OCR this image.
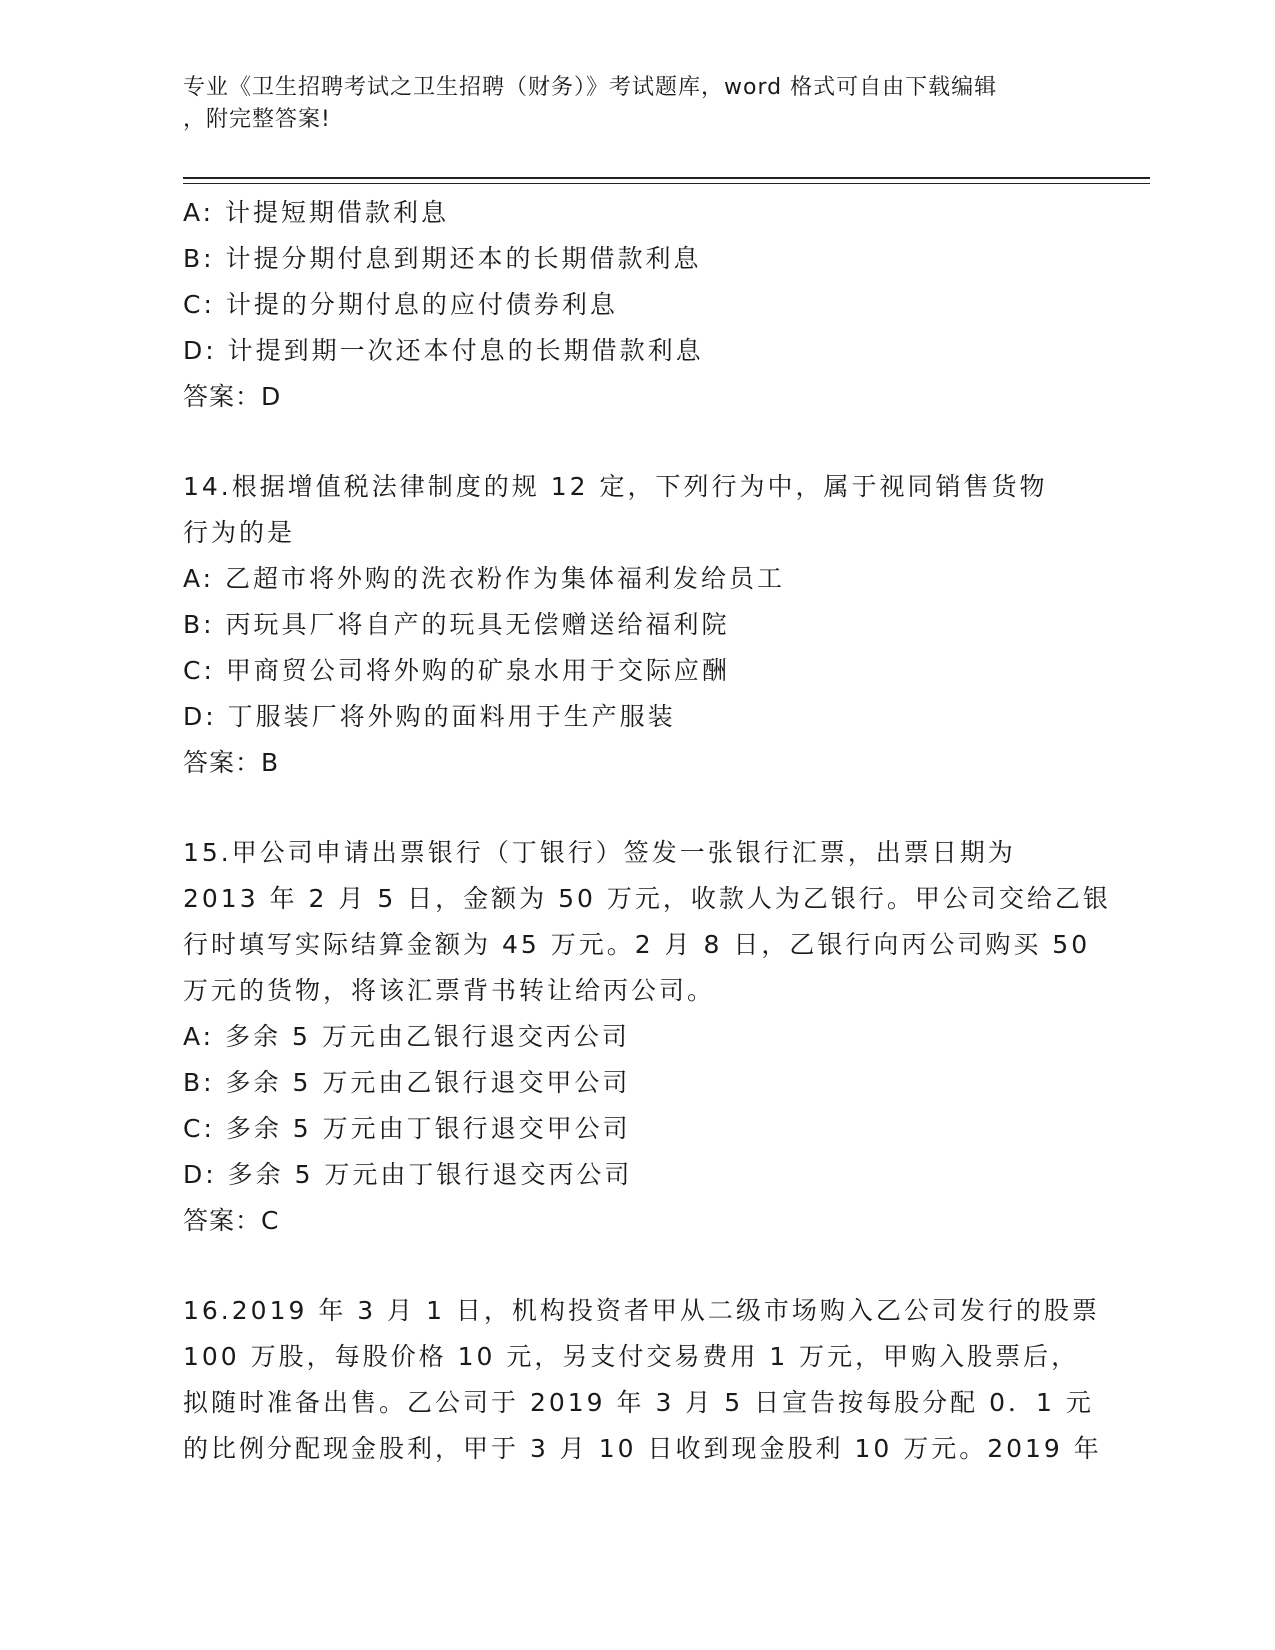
专业《卫生招聘考试之卫生招聘（财务）》考试题库，word 格式可自由下载编辑
，附完整答案!
A: 计提短期借款利息
B: 计提分期付息到期还本的长期借款利息
C: 计提的分期付息的应付债券利息
D: 计提到期一次还本付息的长期借款利息
答案：D
14.根据增值税法律制度的规 12 定，下列行为中，属于视同销售货物
行为的是
A: 乙超市将外购的洗衣粉作为集体福利发给员工
B: 丙玩具厂将自产的玩具无偿赠送给福利院
C: 甲商贸公司将外购的矿泉水用于交际应酬
D: 丁服装厂将外购的面料用于生产服装
答案：B
15.甲公司申请出票银行（丁银行）签发一张银行汇票，出票日期为
2013 年 2 月 5 日，金额为 50 万元，收款人为乙银行。甲公司交给乙银
行时填写实际结算金额为 45 万元。2 月 8 日，乙银行向丙公司购买 50
万元的货物，将该汇票背书转让给丙公司。
A: 多余 5 万元由乙银行退交丙公司
B: 多余 5 万元由乙银行退交甲公司
C: 多余 5 万元由丁银行退交甲公司
D: 多余 5 万元由丁银行退交丙公司
答案：C
16.2019 年 3 月 1 日，机构投资者甲从二级市场购入乙公司发行的股票
100 万股，每股价格 10 元，另支付交易费用 1 万元，甲购入股票后，
拟随时准备出售。乙公司于 2019 年 3 月 5 日宣告按每股分配 0．1 元
的比例分配现金股利，甲于 3 月 10 日收到现金股利 10 万元。2019 年
